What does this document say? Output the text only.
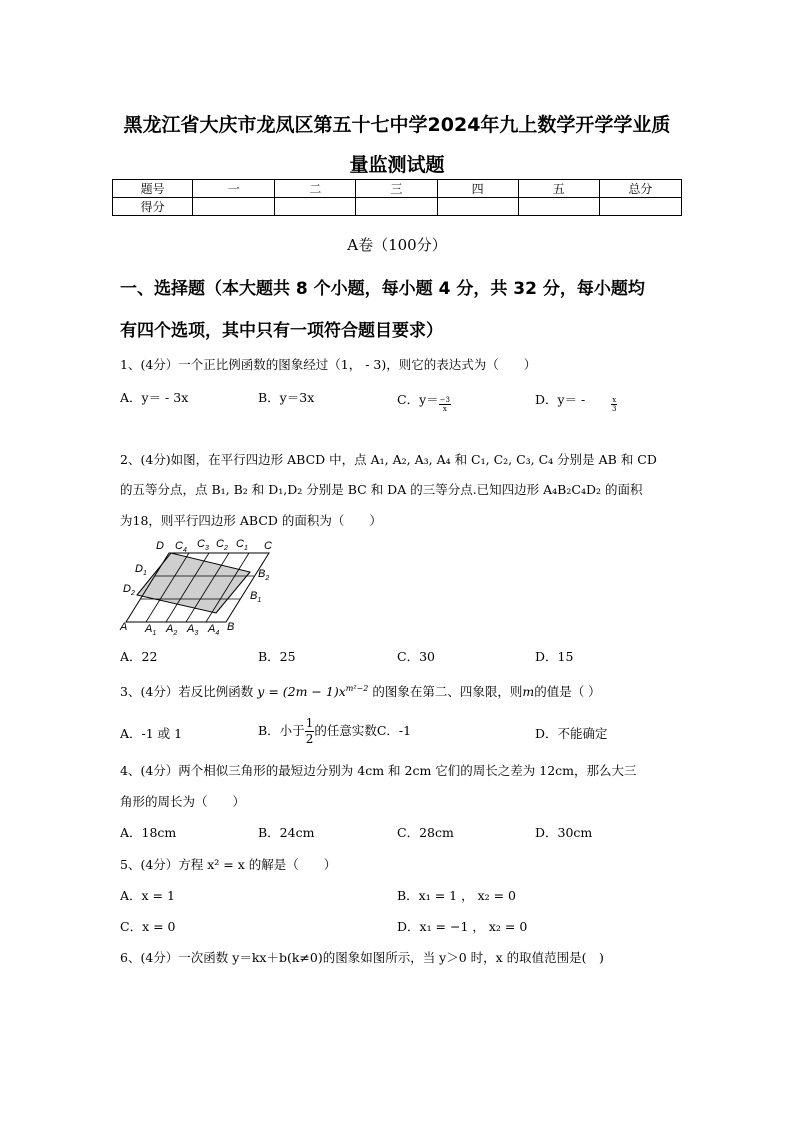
黑龙江省大庆市龙凤区第五十七中学2024年九上数学开学学业质
量监测试题
题号	一	二	三	四	五	总分
得分						
A卷（100分）
一、选择题（本大题共 8 个小题，每小题 4 分，共 32 分，每小题均
有四个选项，其中只有一项符合题目要求）
1、(4分）一个正比例函数的图象经过（1， - 3)，则它的表达式为（　　）
A．y＝ - 3x	B．y＝3x	C．$y= \frac{-3}{x}$	D．y＝ -	$\frac{x}{3}$
2、(4分)如图，在平行四边形 ABCD 中，点 A₁, A₂, A₃, A₄ 和 C₁, C₂, C₃, C₄ 分别是 AB 和 CD
的五等分点，点 B₁, B₂ 和 D₁,D₂ 分别是 BC 和 DA 的三等分点.已知四边形 A₄B₂C₄D₂ 的面积
为18，则平行四边形 ABCD 的面积为（　　）
D $C_4$
$C_3$ $C_2$ $C_1$ C
$D_1$
$D_2$
$B_2$
$B_1$
A $A_1$ $A_2$ $A_3$ $A_4$
B
A．22	B．25	C．30	D．15
3、(4分）若反比例函数 $y = (2m - 1)x^{m^2-2}$ 的图象在第二、四象限，则m的值是（ ）
A．-1 或 1	B．小于 $\frac{1}{2}$ 的任意实数C．-1	D．不能确定
4、(4分）两个相似三角形的最短边分别为 4cm 和 2cm 它们的周长之差为 12cm，那么大三
角形的周长为（　　）
A．18cm	B．24cm	C．28cm	D．30cm
5、(4分）方程 x² = x 的解是（　　）
A．x = 1	B．x₁ = 1 ， x₂ = 0
C．x = 0	D．x₁ = −1 ， x₂ = 0
6、(4分）一次函数 y＝kx＋b(k≠0)的图象如图所示，当 y＞0 时，x 的取值范围是(　)
